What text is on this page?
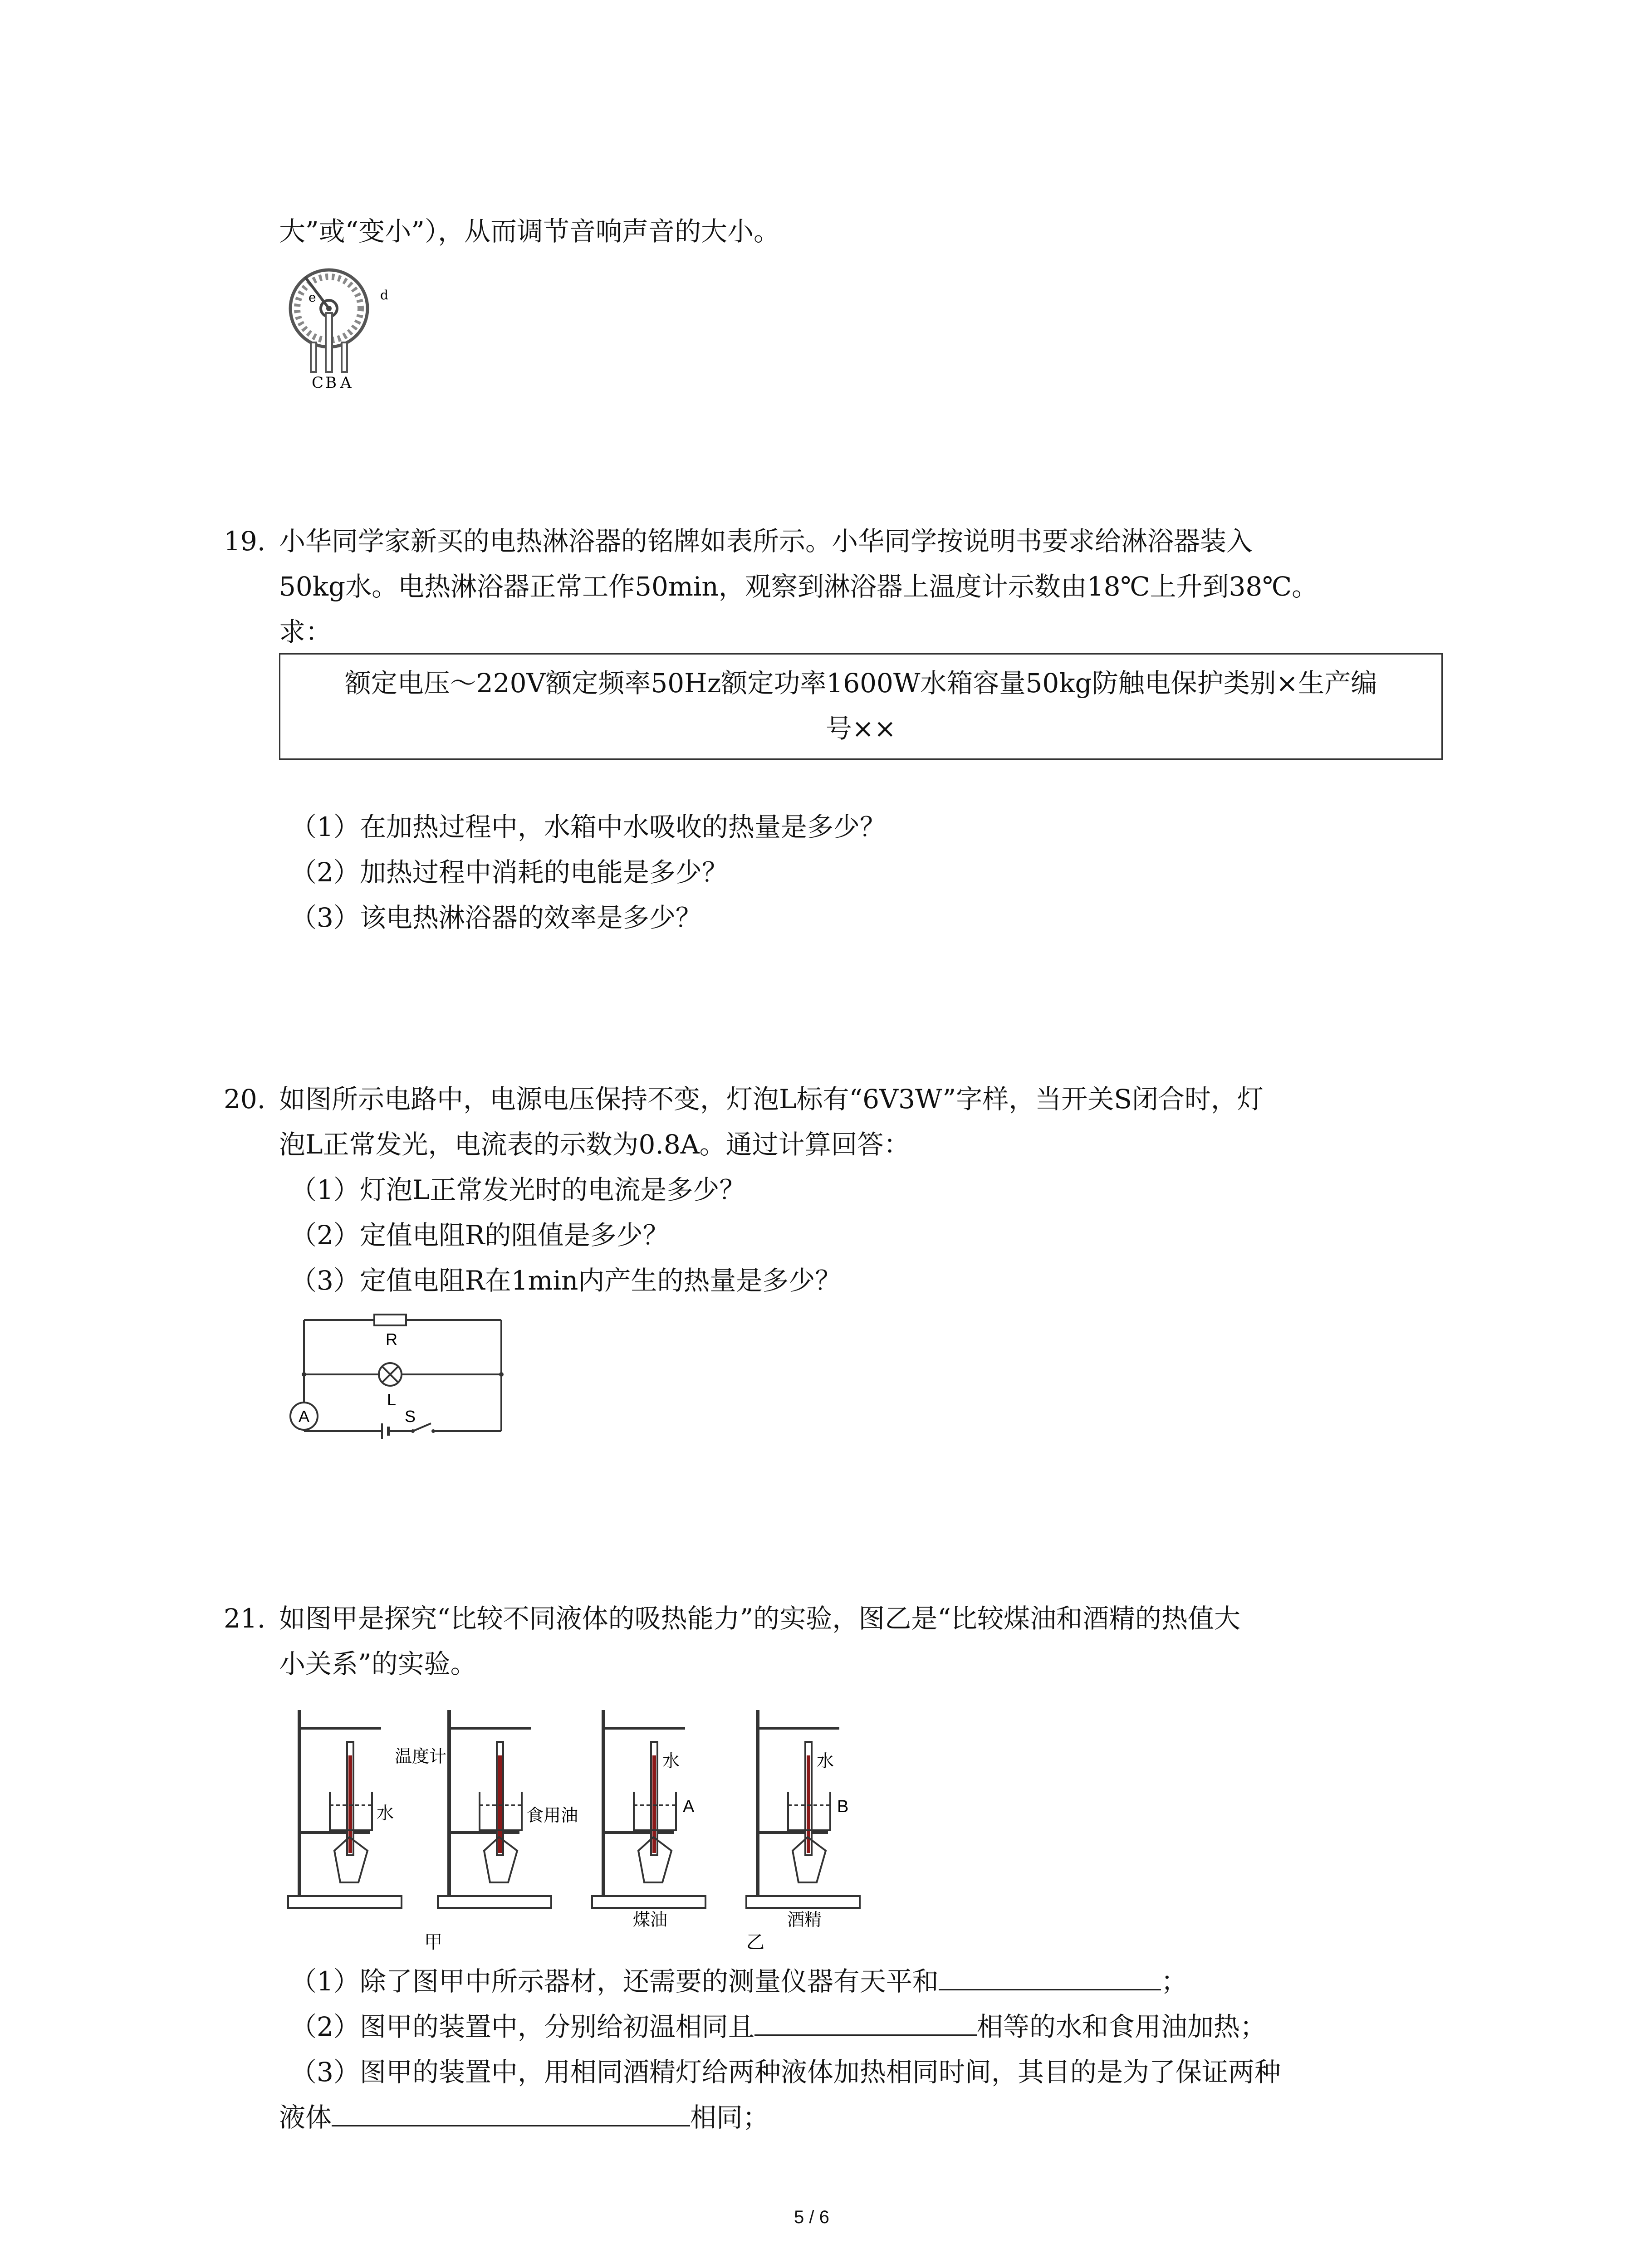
大”或“变小”），从而调节音响声音的大小。
C B A
e	d
19. 小华同学家新买的电热淋浴器的铭牌如表所示。小华同学按说明书要求给淋浴器装入
50kg水。电热淋浴器正常工作50min，观察到淋浴器上温度计示数由18℃上升到38℃。
求：
额定电压～220V额定频率50Hz额定功率1600W水箱容量50kg防触电保护类别×生产编
号××
（1）在加热过程中，水箱中水吸收的热量是多少？
（2）加热过程中消耗的电能是多少？
（3）该电热淋浴器的效率是多少？
20. 如图所示电路中，电源电压保持不变，灯泡L标有“6V3W”字样，当开关S闭合时，灯
泡L正常发光，电流表的示数为0.8A。通过计算回答：
（1）灯泡L正常发光时的电流是多少？
（2）定值电阻R的阻值是多少？
（3）定值电阻R在1min内产生的热量是多少？
R
L
S
A
21. 如图甲是探究“比较不同液体的吸热能力”的实验，图乙是“比较煤油和酒精的热值大
小关系”的实验。
温度计
水	食用油
水
A
水
B
煤油	酒精
甲	乙
（1）除了图甲中所示器材，还需要的测量仪器有天平和	；
（2）图甲的装置中，分别给初温相同且	相等的水和食用油加热；
（3）图甲的装置中，用相同酒精灯给两种液体加热相同时间，其目的是为了保证两种
液体	相同；
5 / 6
